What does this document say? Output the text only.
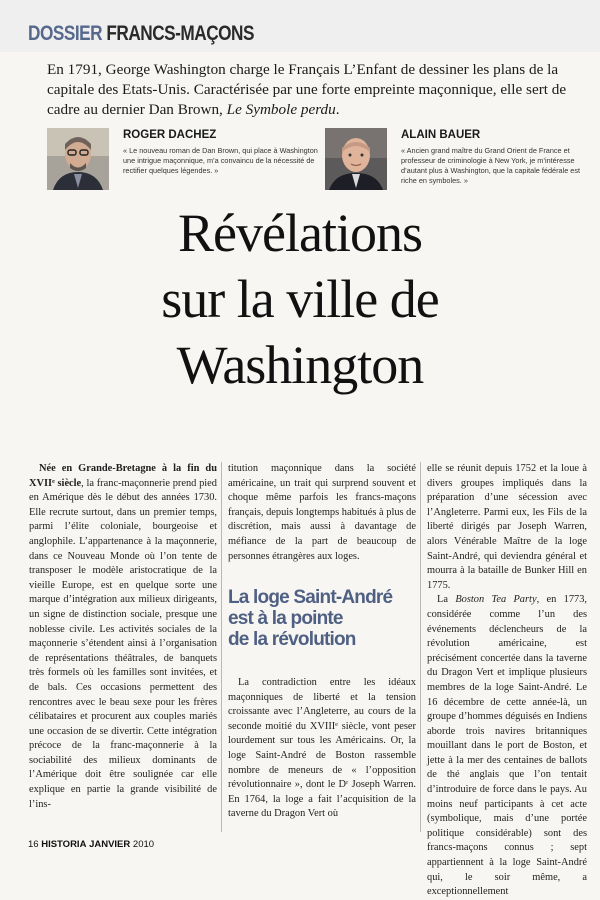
DOSSIER FRANCS-MAÇONS
En 1791, George Washington charge le Français L’Enfant de dessiner les plans de la capitale des Etats-Unis. Caractérisée par une forte empreinte maçonnique, elle sert de cadre au dernier Dan Brown, Le Symbole perdu.
ROGER DACHEZ
« Le nouveau roman de Dan Brown, qui place à Washington une intrigue maçonnique, m’a convaincu de la nécessité de rectifier quelques légendes. »
ALAIN BAUER
« Ancien grand maître du Grand Orient de France et professeur de criminologie à New York, je m’intéresse d’autant plus à Washington, que la capitale fédérale est riche en symboles. »
Révélations
sur la ville de
Washington

Née en Grande-Bretagne à la fin du XVIIᵉ siècle, la franc-maçonnerie prend pied en Amérique dès le début des années 1730. Elle recrute surtout, dans un premier temps, parmi l’élite coloniale, bourgeoise et anglophile. L’appartenance à la maçonnerie, dans ce Nouveau Monde où l’on tente de transposer le modèle aristocratique de la vieille Europe, est en quelque sorte une marque d’intégration aux milieux dirigeants, un signe de distinction sociale, presque une noblesse civile. Les activités sociales de la maçonnerie s’étendent ainsi à l’organisation de représentations théâtrales, de banquets très formels où les familles sont invitées, et de bals. Ces occasions permettent des rencontres avec le beau sexe pour les frères célibataires et procurent aux couples mariés une occasion de se divertir. Cette intégration précoce de la franc-maçonnerie à la sociabilité des milieux dominants de l’Amérique doit être soulignée car elle explique en partie la grande visibilité de l’ins-

titution maçonnique dans la société américaine, un trait qui surprend souvent et choque même parfois les francs-maçons français, depuis longtemps habitués à plus de discrétion, mais aussi à davantage de méfiance de la part de beaucoup de personnes étrangères aux loges.

La loge Saint-André
est à la pointe
de la révolution

La contradiction entre les idéaux maçonniques de liberté et la tension croissante avec l’Angleterre, au cours de la seconde moitié du XVIIIᵉ siècle, vont peser lourdement sur tous les Américains. Or, la loge Saint-André de Boston rassemble nombre de meneurs de « l’opposition révolutionnaire », dont le Dʳ Joseph Warren. En 1764, la loge a fait l’acquisition de la taverne du Dragon Vert où

elle se réunit depuis 1752 et la loue à divers groupes impliqués dans la préparation d’une sécession avec l’Angleterre. Parmi eux, les Fils de la liberté dirigés par Joseph Warren, alors Vénérable Maître de la loge Saint-André, qui deviendra général et mourra à la bataille de Bunker Hill en 1775.

La Boston Tea Party, en 1773, considérée comme l’un des événements déclencheurs de la révolution américaine, est précisément concertée dans la taverne du Dragon Vert et implique plusieurs membres de la loge Saint-André. Le 16 décembre de cette année-là, un groupe d’hommes déguisés en Indiens aborde trois navires britanniques mouillant dans le port de Boston, et jette à la mer des centaines de ballots de thé anglais que l’on tentait d’introduire de force dans le pays. Au moins neuf participants à cet acte (symbolique, mais d’une portée politique considérable) sont des francs-maçons connus ; sept appartiennent à la loge Saint-André qui, le soir même, a exceptionnellement

16 HISTORIA JANVIER 2010
